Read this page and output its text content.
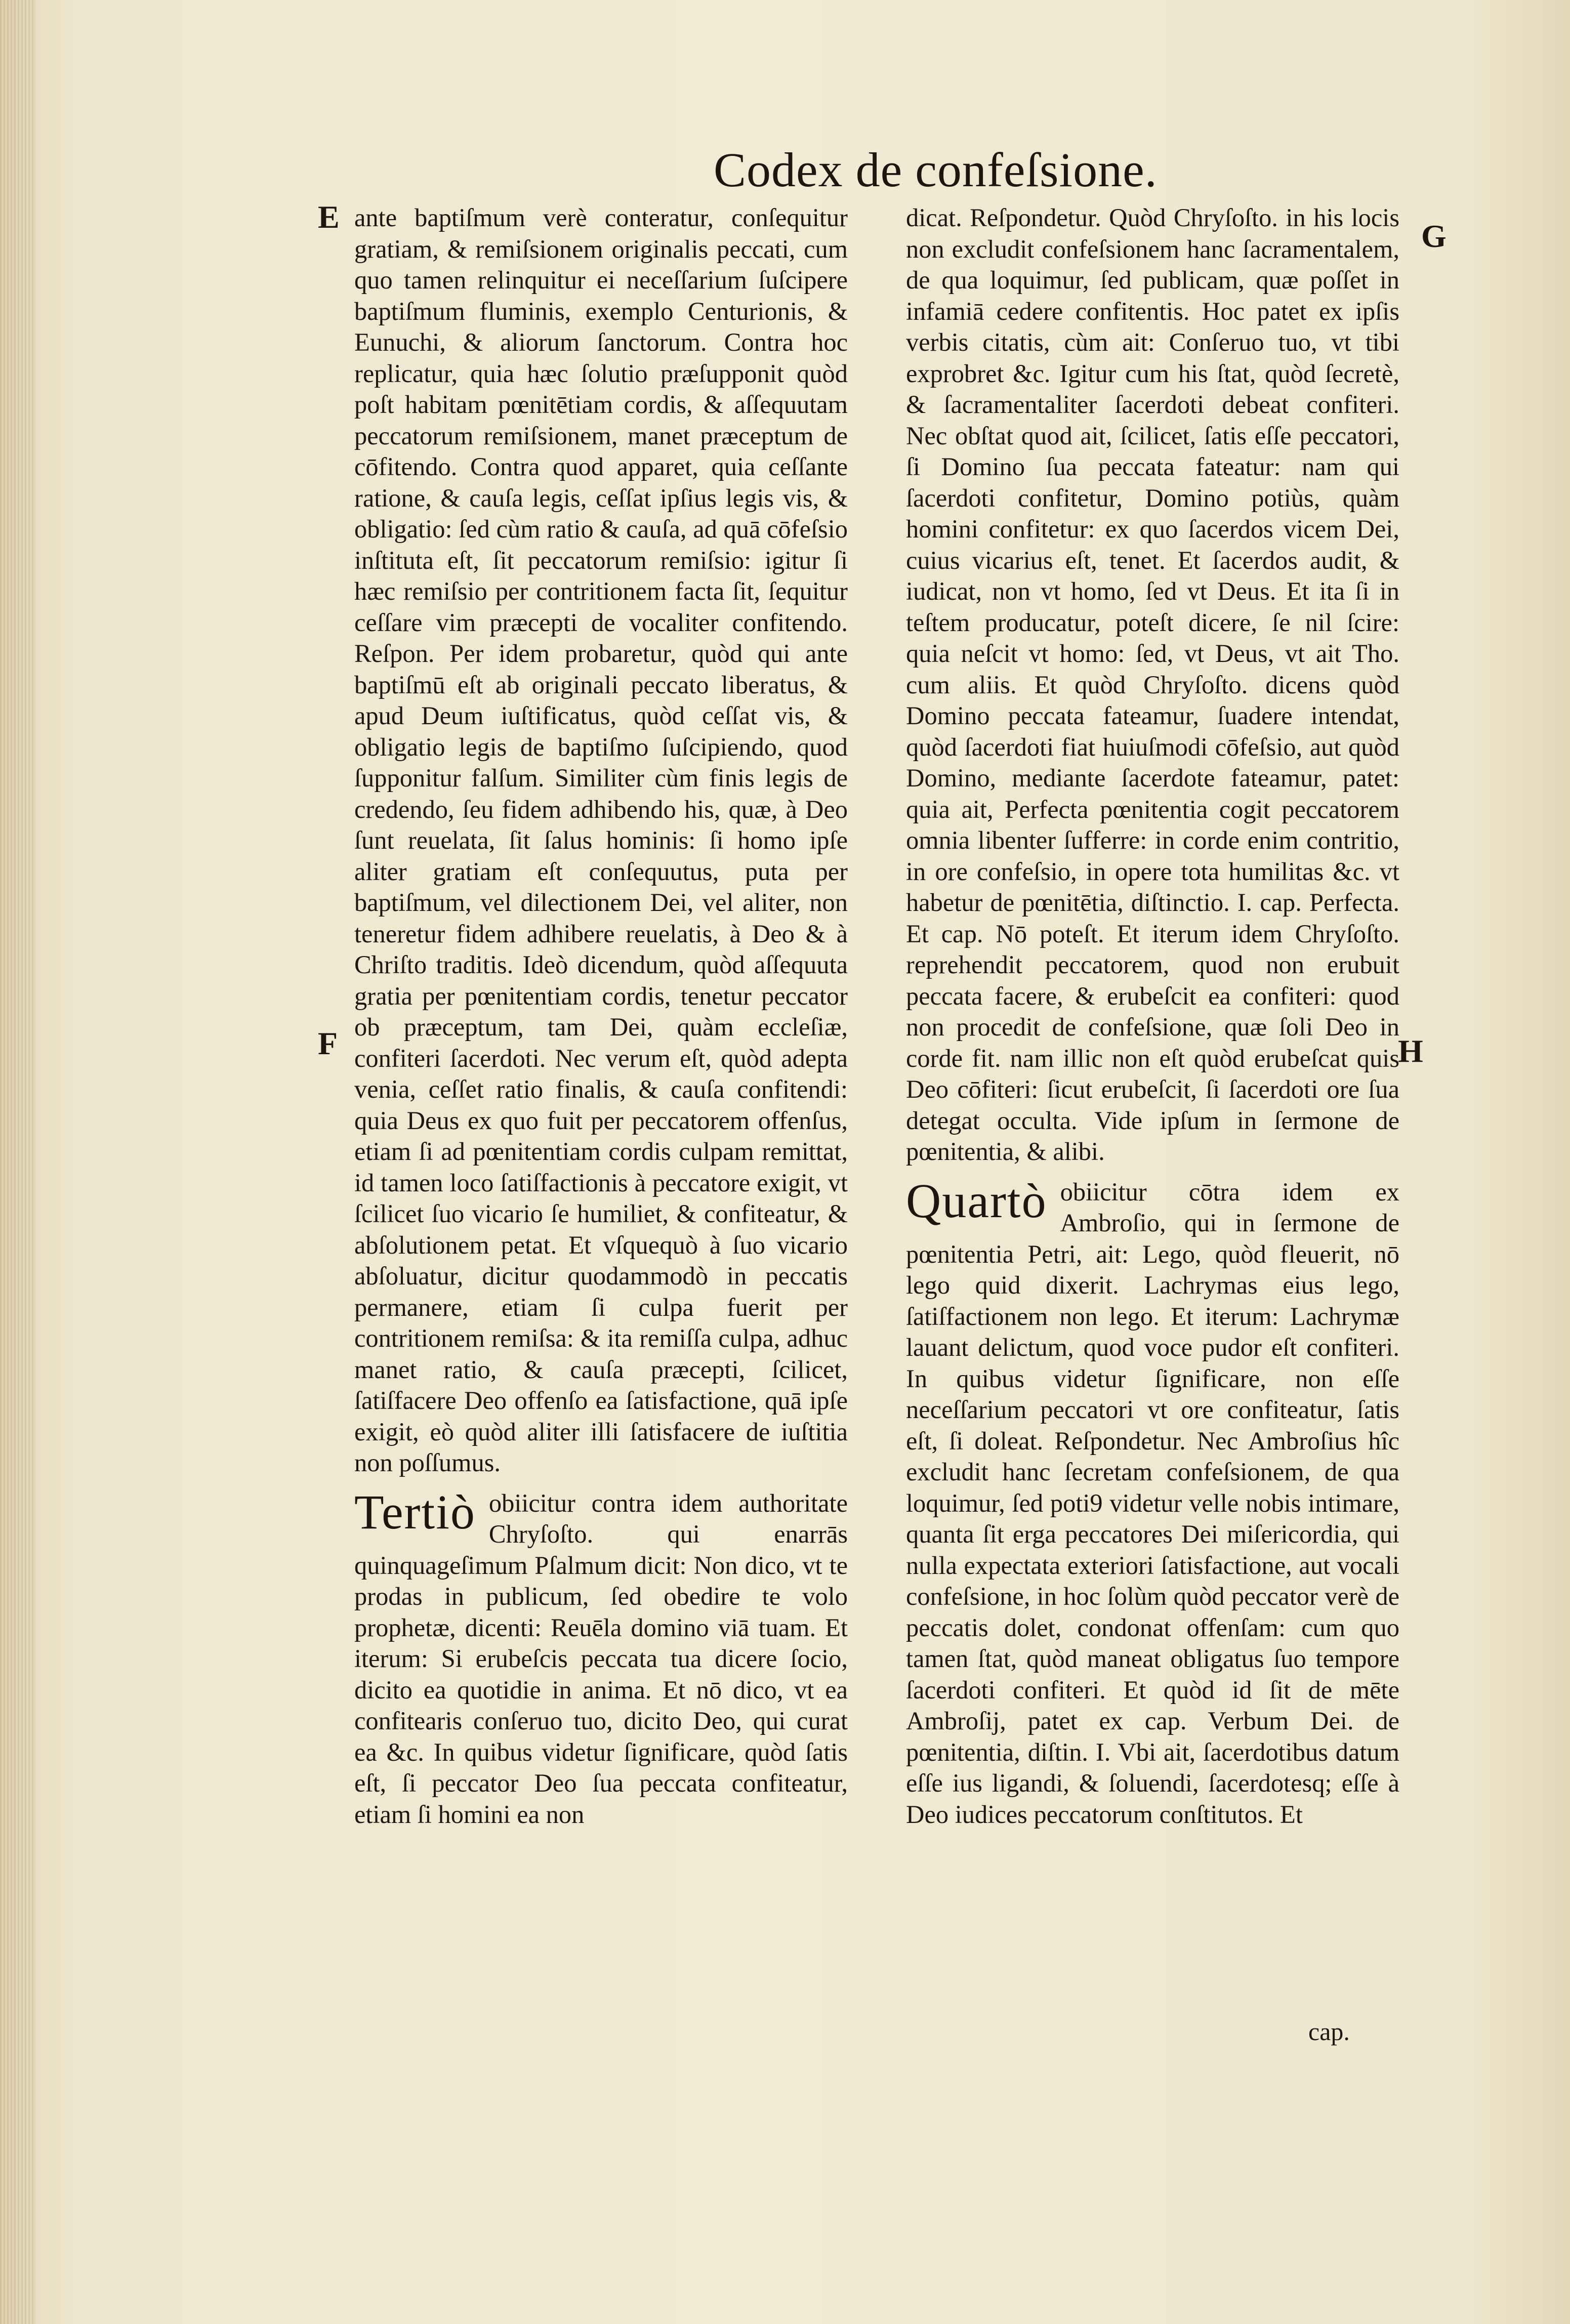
Codex de confeſsione.
E
F
G
H

ante baptiſmum verè conteratur, conſequitur gratiam, & remiſsionem originalis peccati, cum quo tamen relinquitur ei neceſſarium ſuſcipere baptiſmum fluminis, exemplo Centurionis, & Eunuchi, & aliorum ſanctorum. Contra hoc replicatur, quia hæc ſolutio præſupponit quòd poſt habitam pœnitētiam cordis, & aſſequutam peccatorum remiſsionem, manet præceptum de cōfitendo. Contra quod apparet, quia ceſſante ratione, & cauſa legis, ceſſat ipſius legis vis, & obligatio: ſed cùm ratio & cauſa, ad quā cōfeſsio inſtituta eſt, ſit peccatorum remiſsio: igitur ſi hæc remiſsio per contritionem facta ſit, ſequitur ceſſare vim præcepti de vocaliter confitendo. Reſpon. Per idem probaretur, quòd qui ante baptiſmū eſt ab originali peccato liberatus, & apud Deum iuſtificatus, quòd ceſſat vis, & obligatio legis de baptiſmo ſuſcipiendo, quod ſupponitur falſum. Similiter cùm finis legis de credendo, ſeu fidem adhibendo his, quæ, à Deo ſunt reuelata, ſit ſalus hominis: ſi homo ipſe aliter gratiam eſt conſequutus, puta per baptiſmum, vel dilectionem Dei, vel aliter, non teneretur fidem adhibere reuelatis, à Deo & à Chriſto traditis. Ideò dicendum, quòd aſſequuta gratia per pœnitentiam cordis, tenetur peccator ob præceptum, tam Dei, quàm eccleſiæ, confiteri ſacerdoti. Nec verum eſt, quòd adepta venia, ceſſet ratio finalis, & cauſa confitendi: quia Deus ex quo fuit per peccatorem offenſus, etiam ſi ad pœnitentiam cordis culpam remittat, id tamen loco ſatiſfactionis à peccatore exigit, vt ſcilicet ſuo vicario ſe humiliet, & confiteatur, & abſolutionem petat. Et vſquequò à ſuo vicario abſoluatur, dicitur quodammodò in peccatis permanere, etiam ſi culpa fuerit per contritionem remiſsa: & ita remiſſa culpa, adhuc manet ratio, & cauſa præcepti, ſcilicet, ſatiſfacere Deo offenſo ea ſatisfactione, quā ipſe exigit, eò quòd aliter illi ſatisfacere de iuſtitia non poſſumus.

Tertiò obiicitur contra idem authoritate Chryſoſto. qui enarrās quinquageſimum Pſalmum dicit: Non dico, vt te prodas in publicum, ſed obedire te volo prophetæ, dicenti: Reuēla domino viā tuam. Et iterum: Si erubeſcis peccata tua dicere ſocio, dicito ea quotidie in anima. Et nō dico, vt ea confitearis conſeruo tuo, dicito Deo, qui curat ea &c. In quibus videtur ſignificare, quòd ſatis eſt, ſi peccator Deo ſua peccata confiteatur, etiam ſi homini ea non

dicat. Reſpondetur. Quòd Chryſoſto. in his locis non excludit confeſsionem hanc ſacramentalem, de qua loquimur, ſed publicam, quæ poſſet in infamiā cedere confitentis. Hoc patet ex ipſis verbis citatis, cùm ait: Conſeruo tuo, vt tibi exprobret &c. Igitur cum his ſtat, quòd ſecretè, & ſacramentaliter ſacerdoti debeat confiteri. Nec obſtat quod ait, ſcilicet, ſatis eſſe peccatori, ſi Domino ſua peccata fateatur: nam qui ſacerdoti confitetur, Domino potiùs, quàm homini confitetur: ex quo ſacerdos vicem Dei, cuius vicarius eſt, tenet. Et ſacerdos audit, & iudicat, non vt homo, ſed vt Deus. Et ita ſi in teſtem producatur, poteſt dicere, ſe nil ſcire: quia neſcit vt homo: ſed, vt Deus, vt ait Tho. cum aliis. Et quòd Chryſoſto. dicens quòd Domino peccata fateamur, ſuadere intendat, quòd ſacerdoti fiat huiuſmodi cōfeſsio, aut quòd Domino, mediante ſacerdote fateamur, patet: quia ait, Perfecta pœnitentia cogit peccatorem omnia libenter ſufferre: in corde enim contritio, in ore confeſsio, in opere tota humilitas &c. vt habetur de pœnitētia, diſtinctio. I. cap. Perfecta. Et cap. Nō poteſt. Et iterum idem Chryſoſto. reprehendit peccatorem, quod non erubuit peccata facere, & erubeſcit ea confiteri: quod non procedit de confeſsione, quæ ſoli Deo in corde fit. nam illic non eſt quòd erubeſcat quis Deo cōfiteri: ſicut erubeſcit, ſi ſacerdoti ore ſua detegat occulta. Vide ipſum in ſermone de pœnitentia, & alibi.

Quartò obiicitur cōtra idem ex Ambroſio, qui in ſermone de pœnitentia Petri, ait: Lego, quòd fleuerit, nō lego quid dixerit. Lachrymas eius lego, ſatiſfactionem non lego. Et iterum: Lachrymæ lauant delictum, quod voce pudor eſt confiteri. In quibus videtur ſignificare, non eſſe neceſſarium peccatori vt ore confiteatur, ſatis eſt, ſi doleat. Reſpondetur. Nec Ambroſius hîc excludit hanc ſecretam confeſsionem, de qua loquimur, ſed poti9 videtur velle nobis intimare, quanta ſit erga peccatores Dei miſericordia, qui nulla expectata exteriori ſatisfactione, aut vocali confeſsione, in hoc ſolùm quòd peccator verè de peccatis dolet, condonat offenſam: cum quo tamen ſtat, quòd maneat obligatus ſuo tempore ſacerdoti confiteri. Et quòd id ſit de mēte Ambroſij, patet ex cap. Verbum Dei. de pœnitentia, diſtin. I. Vbi ait, ſacerdotibus datum eſſe ius ligandi, & ſoluendi, ſacerdotesq; eſſe à Deo iudices peccatorum conſtitutos. Et

cap.
